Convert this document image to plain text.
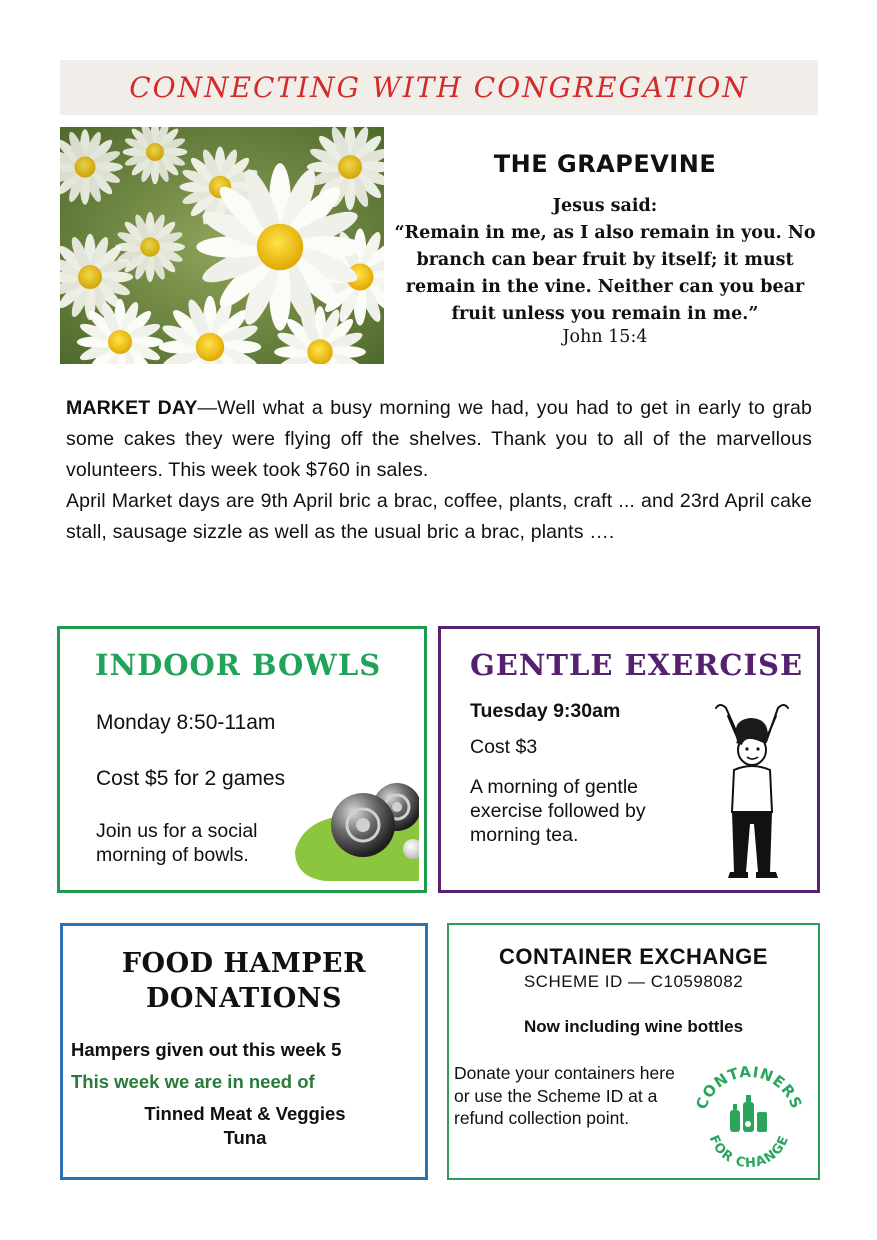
CONNECTING WITH CONGREGATION
THE GRAPEVINE
Jesus said:
“Remain in me, as I also remain in you. No branch can bear fruit by itself; it must remain in the vine. Neither can you bear fruit unless you remain in me.”
John 15:4

MARKET DAY—Well what a busy morning we had, you had to get in early to grab some cakes they were flying off the shelves. Thank you to all of the marvellous volunteers. This week took $760 in sales.

April Market days are 9th April bric a brac, coffee, plants, craft ... and 23rd April cake stall, sausage sizzle as well as the usual bric a brac, plants ….

INDOOR BOWLS
Monday 8:50-11am
Cost $5 for 2 games
Join us for a social morning of bowls.
GENTLE EXERCISE
Tuesday 9:30am
Cost $3
A morning of gentle exercise followed by morning tea.
FOOD HAMPER
DONATIONS
Hampers given out this week 5
This week we are in need of
Tinned Meat & Veggies
Tuna
CONTAINER EXCHANGE
SCHEME ID — C10598082
Now including wine bottles
Donate your containers here or use the Scheme ID at a refund collection point.
CONTAINERS
FOR CHANGE
